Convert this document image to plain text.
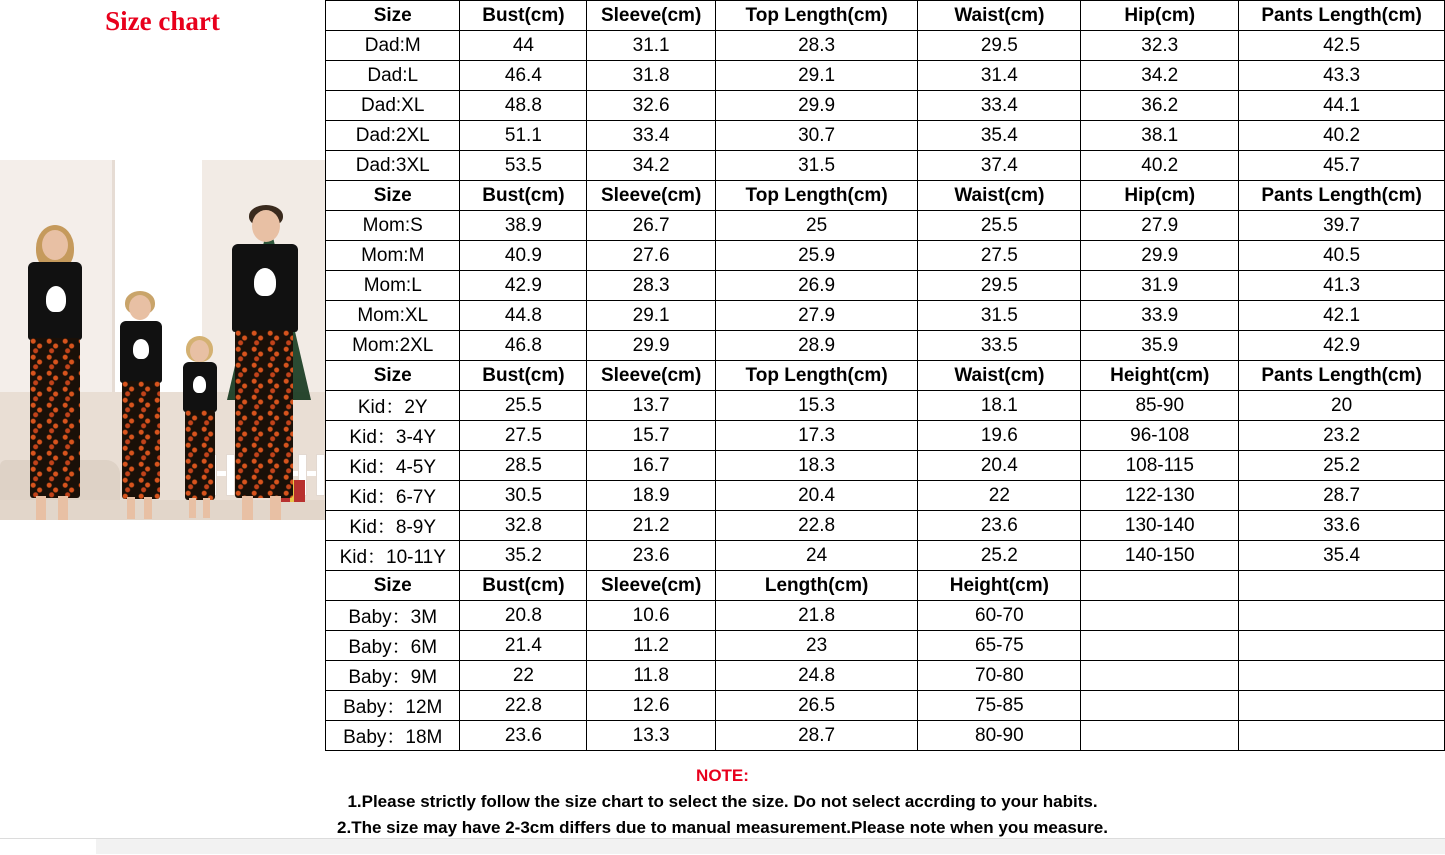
Size chart	Size	Bust(cm)	Sleeve(cm)	Top Length(cm)	Waist(cm)	Hip(cm)	Pants Length(cm)
Dad:M	44	31.1	28.3	29.5	32.3	42.5
Dad:L	46.4	31.8	29.1	31.4	34.2	43.3
Dad:XL	48.8	32.6	29.9	33.4	36.2	44.1
Dad:2XL	51.1	33.4	30.7	35.4	38.1	40.2
Dad:3XL	53.5	34.2	31.5	37.4	40.2	45.7
Size	Bust(cm)	Sleeve(cm)	Top Length(cm)	Waist(cm)	Hip(cm)	Pants Length(cm)
Mom:S	38.9	26.7	25	25.5	27.9	39.7
Mom:M	40.9	27.6	25.9	27.5	29.9	40.5
Mom:L	42.9	28.3	26.9	29.5	31.9	41.3
Mom:XL	44.8	29.1	27.9	31.5	33.9	42.1
Mom:2XL	46.8	29.9	28.9	33.5	35.9	42.9
Size	Bust(cm)	Sleeve(cm)	Top Length(cm)	Waist(cm)	Height(cm)	Pants Length(cm)
Kid：2Y	25.5	13.7	15.3	18.1	85-90	20
Kid：3-4Y	27.5	15.7	17.3	19.6	96-108	23.2
Kid：4-5Y	28.5	16.7	18.3	20.4	108-115	25.2
Kid：6-7Y	30.5	18.9	20.4	22	122-130	28.7
Kid：8-9Y	32.8	21.2	22.8	23.6	130-140	33.6
Kid：10-11Y	35.2	23.6	24	25.2	140-150	35.4
Size	Bust(cm)	Sleeve(cm)	Length(cm)	Height(cm)		
Baby：3M	20.8	10.6	21.8	60-70		
Baby：6M	21.4	11.2	23	65-75		
Baby：9M	22	11.8	24.8	70-80		
Baby：12M	22.8	12.6	26.5	75-85		
Baby：18M	23.6	13.3	28.7	80-90		
NOTE:
1.Please strictly follow the size chart to select the size. Do not select accrding to your habits.
2.The size may have 2-3cm differs due to manual measurement.Please note when you measure.
